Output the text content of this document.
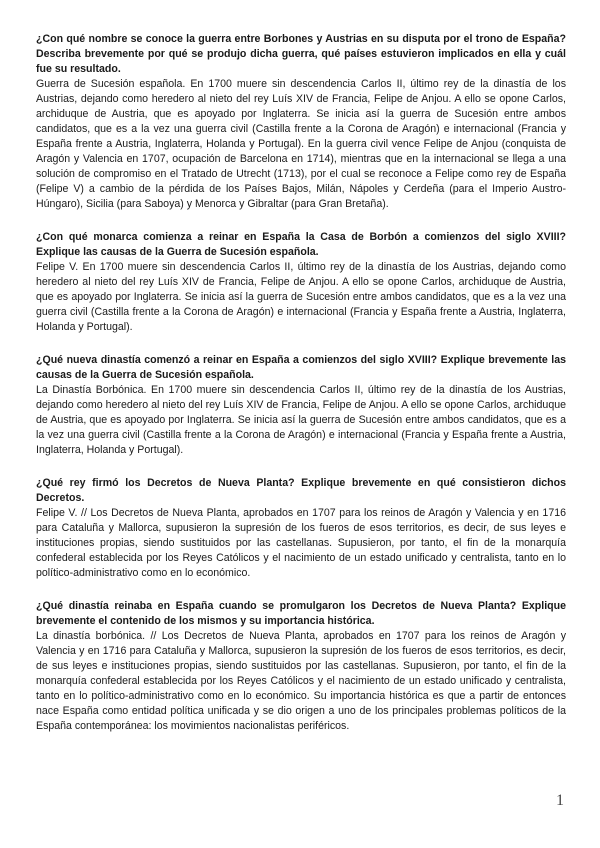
¿Con qué nombre se conoce la guerra entre Borbones y Austrias en su disputa por el trono de España? Describa brevemente por qué se produjo dicha guerra, qué países estuvieron implicados en ella y cuál fue su resultado.

Guerra de Sucesión española. En 1700 muere sin descendencia Carlos II, último rey de la dinastía de los Austrias, dejando como heredero al nieto del rey Luís XIV de Francia, Felipe de Anjou. A ello se opone Carlos, archiduque de Austria, que es apoyado por Inglaterra. Se inicia así la guerra de Sucesión entre ambos candidatos, que es a la vez una guerra civil (Castilla frente a la Corona de Aragón) e internacional (Francia y España frente a Austria, Inglaterra, Holanda y Portugal). En la guerra civil vence Felipe de Anjou (conquista de Aragón y Valencia en 1707, ocupación de Barcelona en 1714), mientras que en la internacional se llega a una solución de compromiso en el Tratado de Utrecht (1713), por el cual se reconoce a Felipe como rey de España (Felipe V) a cambio de la pérdida de los Países Bajos, Milán, Nápoles y Cerdeña (para el Imperio Austro-Húngaro), Sicilia (para Saboya) y Menorca y Gibraltar (para Gran Bretaña).

¿Con qué monarca comienza a reinar en España la Casa de Borbón a comienzos del siglo XVIII? Explique las causas de la Guerra de Sucesión española.

Felipe V. En 1700 muere sin descendencia Carlos II, último rey de la dinastía de los Austrias, dejando como heredero al nieto del rey Luís XIV de Francia, Felipe de Anjou. A ello se opone Carlos, archiduque de Austria, que es apoyado por Inglaterra. Se inicia así la guerra de Sucesión entre ambos candidatos, que es a la vez una guerra civil (Castilla frente a la Corona de Aragón) e internacional (Francia y España frente a Austria, Inglaterra, Holanda y Portugal).

¿Qué nueva dinastía comenzó a reinar en España a comienzos del siglo XVIII? Explique brevemente las causas de la Guerra de Sucesión española.

La Dinastía Borbónica. En 1700 muere sin descendencia Carlos II, último rey de la dinastía de los Austrias, dejando como heredero al nieto del rey Luís XIV de Francia, Felipe de Anjou. A ello se opone Carlos, archiduque de Austria, que es apoyado por Inglaterra. Se inicia así la guerra de Sucesión entre ambos candidatos, que es a la vez una guerra civil (Castilla frente a la Corona de Aragón) e internacional (Francia y España frente a Austria, Inglaterra, Holanda y Portugal).

¿Qué rey firmó los Decretos de Nueva Planta? Explique brevemente en qué consistieron dichos Decretos.

Felipe V. // Los Decretos de Nueva Planta, aprobados en 1707 para los reinos de Aragón y Valencia y en 1716 para Cataluña y Mallorca, supusieron la supresión de los fueros de esos territorios, es decir, de sus leyes e instituciones propias, siendo sustituidos por las castellanas. Supusieron, por tanto, el fin de la monarquía confederal establecida por los Reyes Católicos y el nacimiento de un estado unificado y centralista, tanto en lo político-administrativo como en lo económico.

¿Qué dinastía reinaba en España cuando se promulgaron los Decretos de Nueva Planta? Explique brevemente el contenido de los mismos y su importancia histórica.

La dinastía borbónica. // Los Decretos de Nueva Planta, aprobados en 1707 para los reinos de Aragón y Valencia y en 1716 para Cataluña y Mallorca, supusieron la supresión de los fueros de esos territorios, es decir, de sus leyes e instituciones propias, siendo sustituidos por las castellanas. Supusieron, por tanto, el fin de la monarquía confederal establecida por los Reyes Católicos y el nacimiento de un estado unificado y centralista, tanto en lo político-administrativo como en lo económico. Su importancia histórica es que a partir de entonces nace España como entidad política unificada y se dio origen a uno de los principales problemas políticos de la España contemporánea: los movimientos nacionalistas periféricos.

1
